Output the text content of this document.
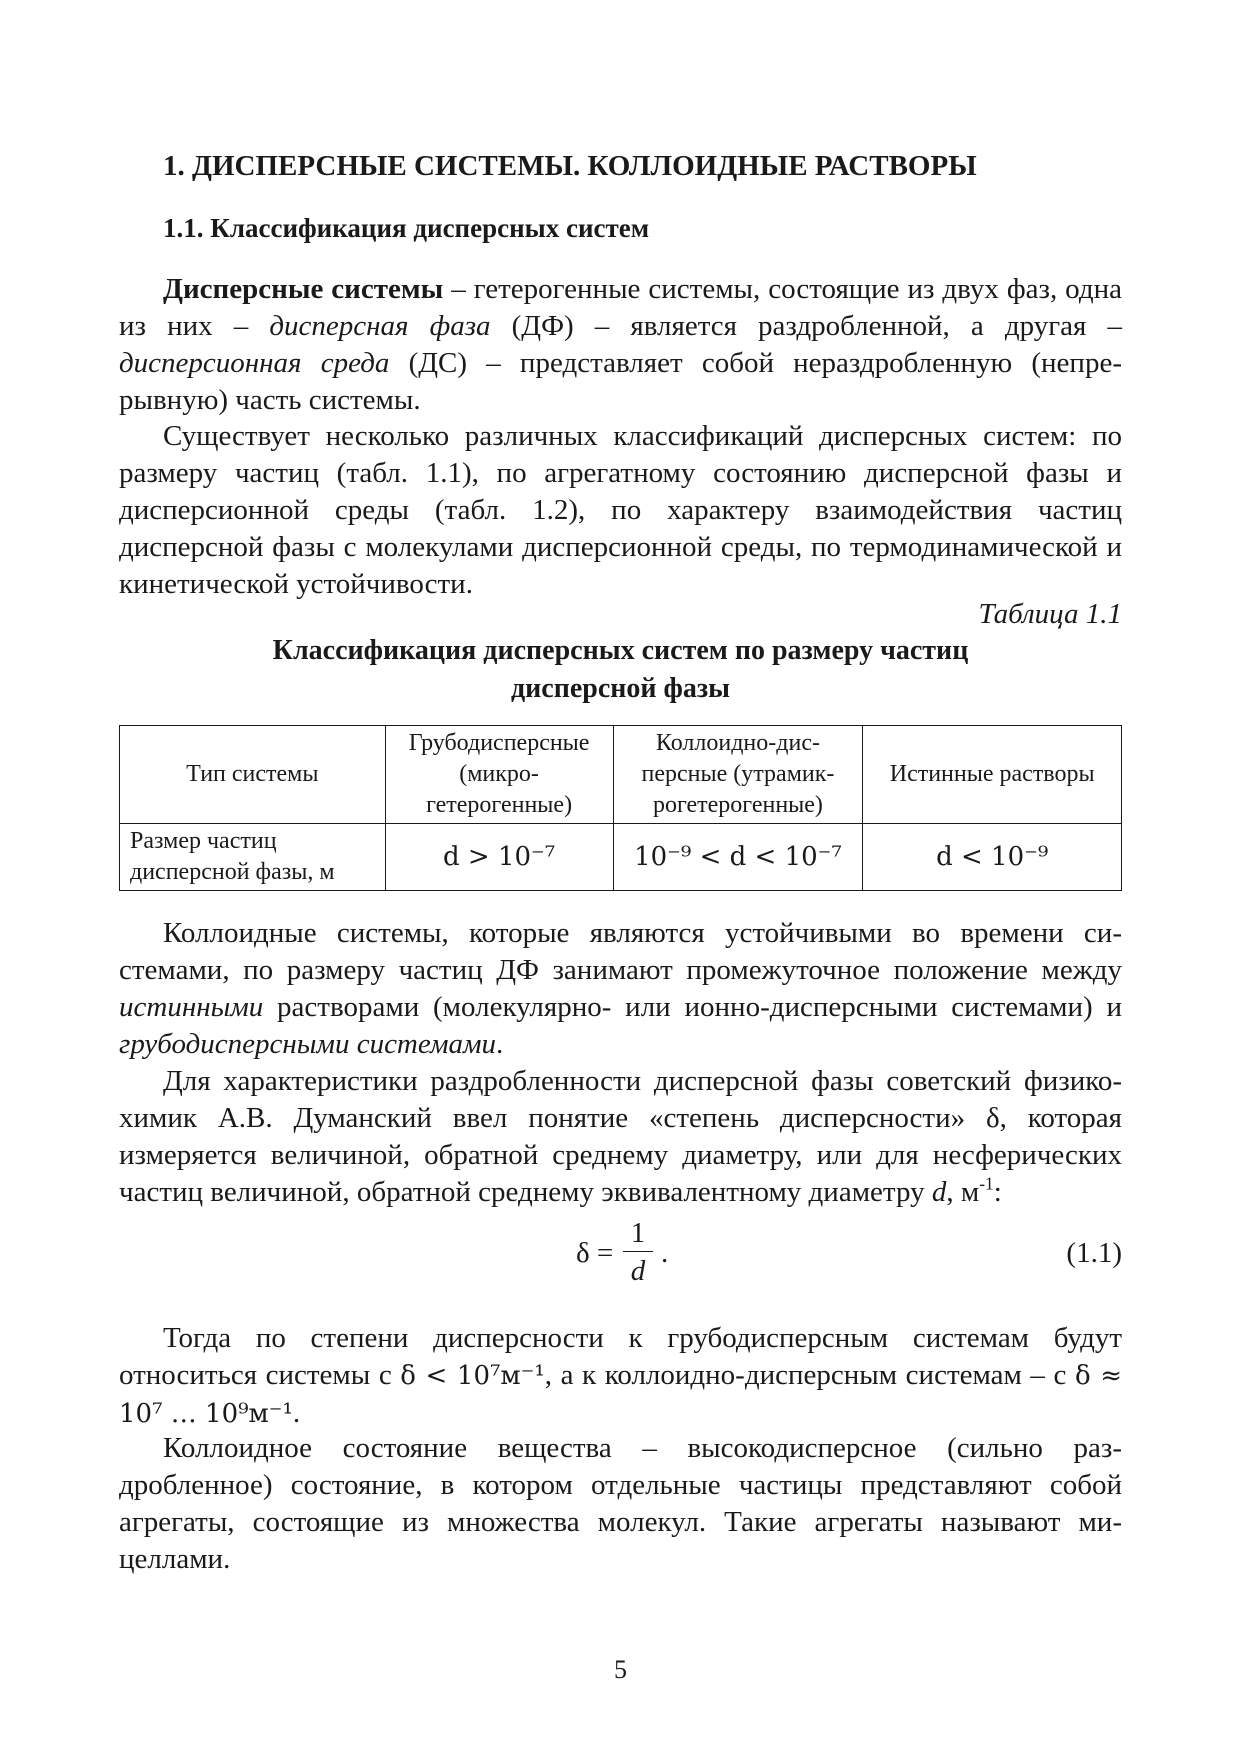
1. ДИСПЕРСНЫЕ СИСТЕМЫ. КОЛЛОИДНЫЕ РАСТВОРЫ
1.1. Классификация дисперсных систем

Дисперсные системы – гетерогенные системы, состоящие из двух фаз, одна из них – дисперсная фаза (ДФ) – является раздробленной, а другая – дисперсионная среда (ДС) – представляет собой нераздробленную (непрерывную) часть системы.

Существует несколько различных классификаций дисперсных систем: по размеру частиц (табл. 1.1), по агрегатному состоянию дисперсной фазы и дисперсионной среды (табл. 1.2), по характеру взаимодействия частиц дисперсной фазы с молекулами дисперсионной среды, по термодинамической и кинетической устойчивости.

Таблица 1.1
Классификация дисперсных систем по размеру частиц
дисперсной фазы
Тип системы	Грубодисперсные (микро-гетерогенные)	Коллоидно-дисперсные (утрамикрогетерогенные)	Истинные растворы
Размер частиц дисперсной фазы, м	d > 10⁻⁷	10⁻⁹ < d < 10⁻⁷	d < 10⁻⁹

Коллоидные системы, которые являются устойчивыми во времени системами, по размеру частиц ДФ занимают промежуточное положение между истинными растворами (молекулярно- или ионно-дисперсными системами) и грубодисперсными системами.

Для характеристики раздробленности дисперсной фазы советский физико-химик А.В. Думанский ввел понятие «степень дисперсности» δ, которая измеряется величиной, обратной среднему диаметру, или для несферических частиц величиной, обратной среднему эквивалентному диаметру d, $м^{-1}$:

δ =
1
d
.	(1.1)

Тогда по степени дисперсности к грубодисперсным системам будут относиться системы с δ < 10⁷м⁻¹, а к коллоидно-дисперсным системам – с δ ≈ 10⁷ … 10⁹м⁻¹.

Коллоидное состояние вещества – высокодисперсное (сильно раздробленное) состояние, в котором отдельные частицы представляют собой агрегаты, состоящие из множества молекул. Такие агрегаты называют мицеллами.

5
